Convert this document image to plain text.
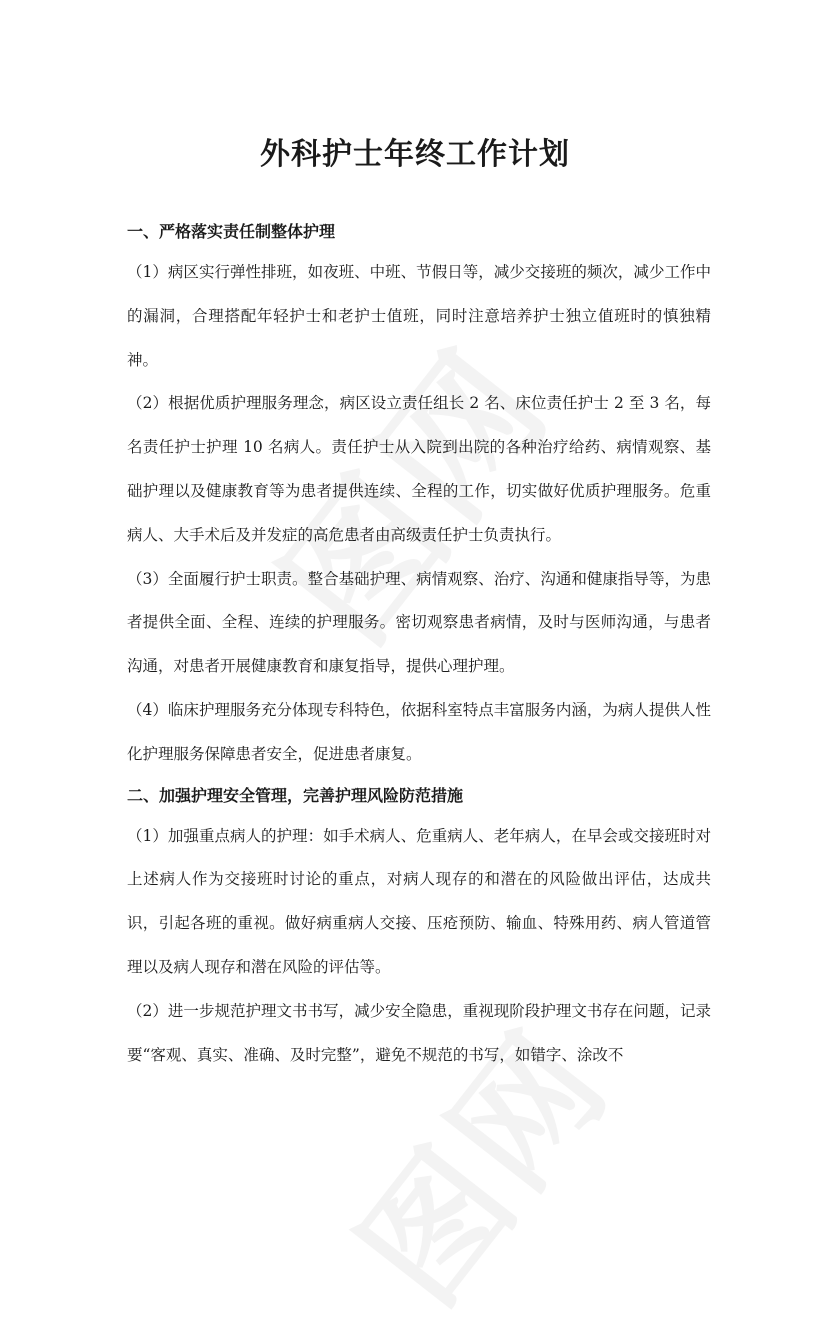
外科护士年终工作计划

一、严格落实责任制整体护理

（1）病区实行弹性排班，如夜班、中班、节假日等，减少交接班的频次，减少工作中的漏洞，合理搭配年轻护士和老护士值班，同时注意培养护士独立值班时的慎独精神。

（2）根据优质护理服务理念，病区设立责任组长 2 名、床位责任护士 2 至 3 名，每名责任护士护理 10 名病人。责任护士从入院到出院的各种治疗给药、病情观察、基础护理以及健康教育等为患者提供连续、全程的工作，切实做好优质护理服务。危重病人、大手术后及并发症的高危患者由高级责任护士负责执行。

（3）全面履行护士职责。整合基础护理、病情观察、治疗、沟通和健康指导等，为患者提供全面、全程、连续的护理服务。密切观察患者病情，及时与医师沟通，与患者沟通，对患者开展健康教育和康复指导，提供心理护理。

（4）临床护理服务充分体现专科特色，依据科室特点丰富服务内涵，为病人提供人性化护理服务保障患者安全，促进患者康复。

二、加强护理安全管理，完善护理风险防范措施

（1）加强重点病人的护理：如手术病人、危重病人、老年病人，在早会或交接班时对上述病人作为交接班时讨论的重点，对病人现存的和潜在的风险做出评估，达成共识，引起各班的重视。做好病重病人交接、压疮预防、输血、特殊用药、病人管道管理以及病人现存和潜在风险的评估等。

（2）进一步规范护理文书书写，减少安全隐患，重视现阶段护理文书存在问题，记录要“客观、真实、准确、及时完整”，避免不规范的书写，如错字、涂改不
